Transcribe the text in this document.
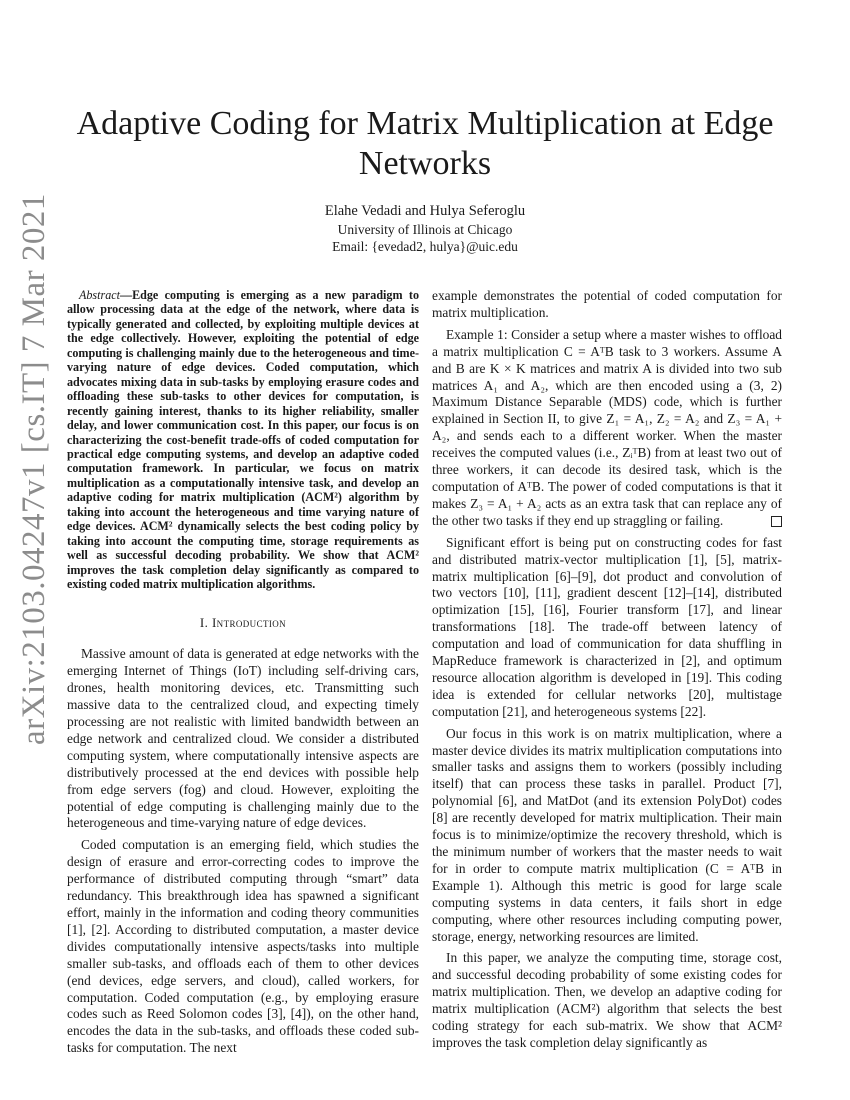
arXiv:2103.04247v1 [cs.IT] 7 Mar 2021
Adaptive Coding for Matrix Multiplication at Edge Networks
Elahe Vedadi and Hulya Seferoglu
University of Illinois at Chicago
Email: {evedad2, hulya}@uic.edu

Abstract—Edge computing is emerging as a new paradigm to allow processing data at the edge of the network, where data is typically generated and collected, by exploiting multiple devices at the edge collectively. However, exploiting the potential of edge computing is challenging mainly due to the heterogeneous and time-varying nature of edge devices. Coded computation, which advocates mixing data in sub-tasks by employing erasure codes and offloading these sub-tasks to other devices for computation, is recently gaining interest, thanks to its higher reliability, smaller delay, and lower communication cost. In this paper, our focus is on characterizing the cost-benefit trade-offs of coded computation for practical edge computing systems, and develop an adaptive coded computation framework. In particular, we focus on matrix multiplication as a computationally intensive task, and develop an adaptive coding for matrix multiplication (ACM²) algorithm by taking into account the heterogeneous and time varying nature of edge devices. ACM² dynamically selects the best coding policy by taking into account the computing time, storage requirements as well as successful decoding probability. We show that ACM² improves the task completion delay significantly as compared to existing coded matrix multiplication algorithms.

I. Introduction

Massive amount of data is generated at edge networks with the emerging Internet of Things (IoT) including self-driving cars, drones, health monitoring devices, etc. Transmitting such massive data to the centralized cloud, and expecting timely processing are not realistic with limited bandwidth between an edge network and centralized cloud. We consider a distributed computing system, where computationally intensive aspects are distributively processed at the end devices with possible help from edge servers (fog) and cloud. However, exploiting the potential of edge computing is challenging mainly due to the heterogeneous and time-varying nature of edge devices.

Coded computation is an emerging field, which studies the design of erasure and error-correcting codes to improve the performance of distributed computing through “smart” data redundancy. This breakthrough idea has spawned a significant effort, mainly in the information and coding theory communities [1], [2]. According to distributed computation, a master device divides computationally intensive aspects/tasks into multiple smaller sub-tasks, and offloads each of them to other devices (end devices, edge servers, and cloud), called workers, for computation. Coded computation (e.g., by employing erasure codes such as Reed Solomon codes [3], [4]), on the other hand, encodes the data in the sub-tasks, and offloads these coded sub-tasks for computation. The next

example demonstrates the potential of coded computation for matrix multiplication.

Example 1: Consider a setup where a master wishes to offload a matrix multiplication C = AᵀB task to 3 workers. Assume A and B are K × K matrices and matrix A is divided into two sub matrices A₁ and A₂, which are then encoded using a (3, 2) Maximum Distance Separable (MDS) code, which is further explained in Section II, to give Z₁ = A₁, Z₂ = A₂ and Z₃ = A₁ + A₂, and sends each to a different worker. When the master receives the computed values (i.e., ZᵢᵀB) from at least two out of three workers, it can decode its desired task, which is the computation of AᵀB. The power of coded computations is that it makes Z₃ = A₁ + A₂ acts as an extra task that can replace any of the other two tasks if they end up straggling or failing.

Significant effort is being put on constructing codes for fast and distributed matrix-vector multiplication [1], [5], matrix-matrix multiplication [6]–[9], dot product and convolution of two vectors [10], [11], gradient descent [12]–[14], distributed optimization [15], [16], Fourier transform [17], and linear transformations [18]. The trade-off between latency of computation and load of communication for data shuffling in MapReduce framework is characterized in [2], and optimum resource allocation algorithm is developed in [19]. This coding idea is extended for cellular networks [20], multistage computation [21], and heterogeneous systems [22].

Our focus in this work is on matrix multiplication, where a master device divides its matrix multiplication computations into smaller tasks and assigns them to workers (possibly including itself) that can process these tasks in parallel. Product [7], polynomial [6], and MatDot (and its extension PolyDot) codes [8] are recently developed for matrix multiplication. Their main focus is to minimize/optimize the recovery threshold, which is the minimum number of workers that the master needs to wait for in order to compute matrix multiplication (C = AᵀB in Example 1). Although this metric is good for large scale computing systems in data centers, it fails short in edge computing, where other resources including computing power, storage, energy, networking resources are limited.

In this paper, we analyze the computing time, storage cost, and successful decoding probability of some existing codes for matrix multiplication. Then, we develop an adaptive coding for matrix multiplication (ACM²) algorithm that selects the best coding strategy for each sub-matrix. We show that ACM² improves the task completion delay significantly as
